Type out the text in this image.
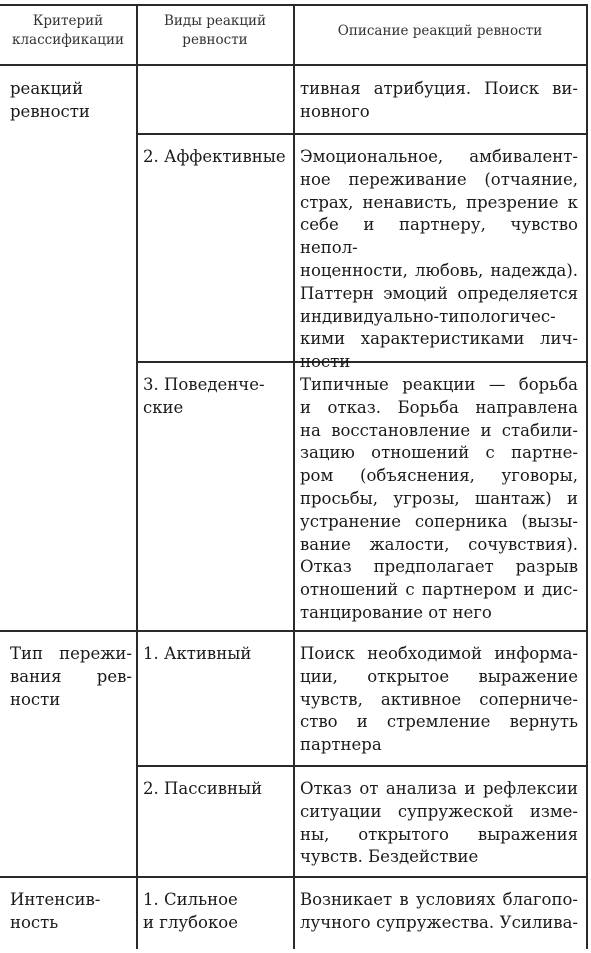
Критерий
классификации
Виды реакций
ревности
Описание реакций ревности
реакций
ревности
тивная атрибуция. Поиск ви-
новного
2. Аффективные Эмоциональное, амбивалент-
ное переживание (отчаяние,
страх, ненависть, презрение к
себе и партнеру, чувство непол-
ноценности, любовь, надежда).
Паттерн эмоций определяется
индивидуально-типологичес-
кими характеристиками лич-
ности
3. Поведенче-
ские
Типичные реакции — борьба
и отказ. Борьба направлена
на восстановление и стабили-
зацию отношений с партне-
ром (объяснения, уговоры,
просьбы, угрозы, шантаж) и
устранение соперника (вызы-
вание жалости, сочувствия).
Отказ предполагает разрыв
отношений с партнером и дис-
танцирование от него
Тип пережи-
вания рев-
ности
1. Активный	Поиск необходимой информа-
ции, открытое выражение
чувств, активное соперниче-
ство и стремление вернуть
партнера
2. Пассивный	Отказ от анализа и рефлексии
ситуации супружеской изме-
ны, открытого выражения
чувств. Бездействие
Интенсив-
ность
1. Сильное
и глубокое
Возникает в условиях благопо-
лучного супружества. Усилива-
